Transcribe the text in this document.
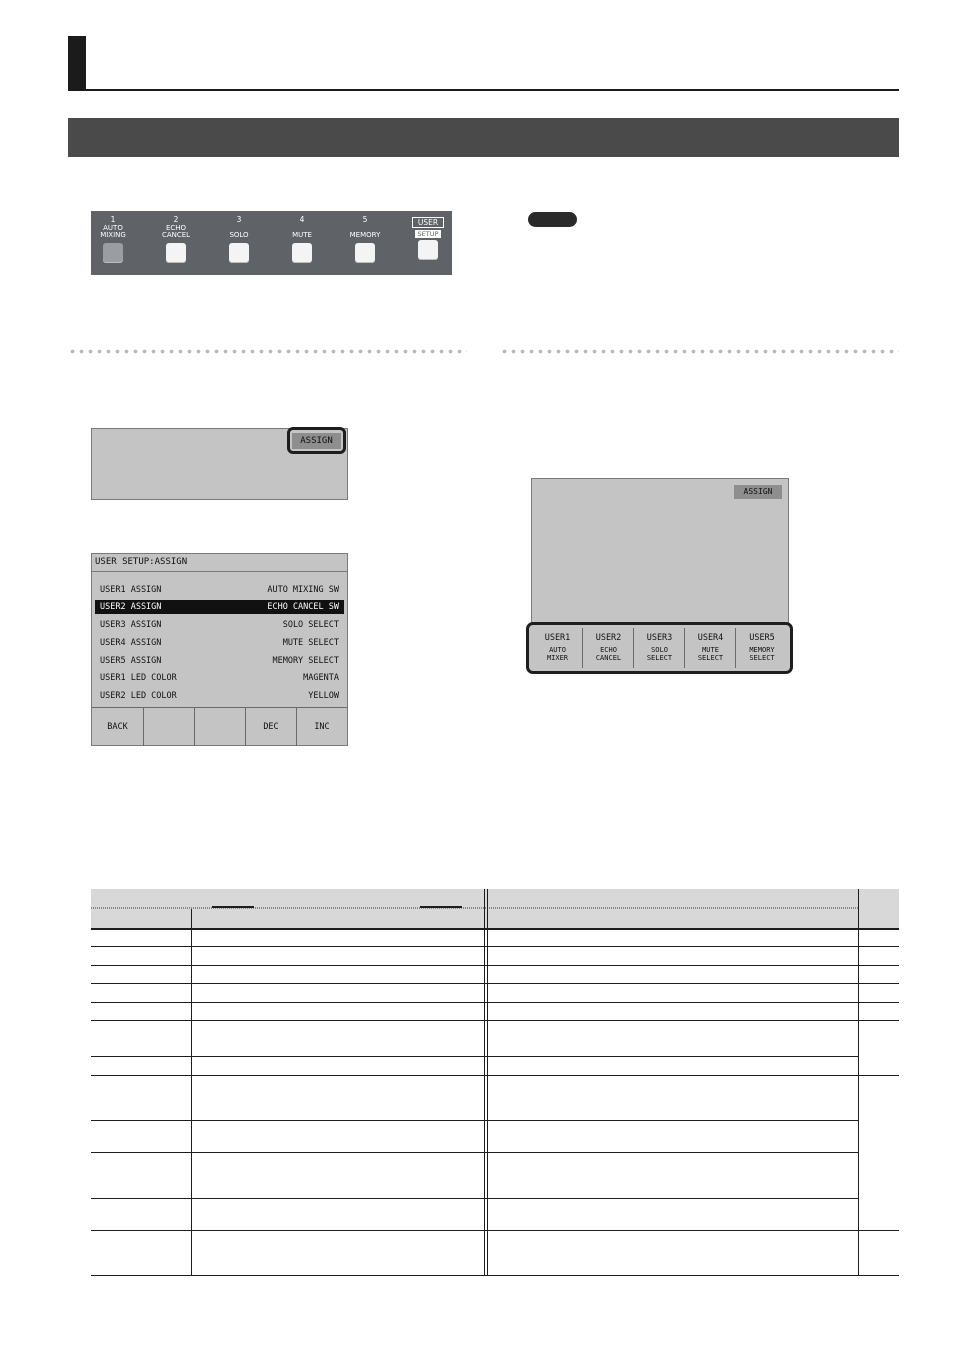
1
AUTO
MIXING
2
ECHO
CANCEL
3
SOLO
4
MUTE
5
MEMORY
USER
SETUP
ASSIGN
USER SETUP:ASSIGN
USER1 ASSIGN	AUTO MIXING SW
USER2 ASSIGN	ECHO CANCEL SW
USER3 ASSIGN	SOLO SELECT
USER4 ASSIGN	MUTE SELECT
USER5 ASSIGN	MEMORY SELECT
USER1 LED COLOR	MAGENTA
USER2 LED COLOR	YELLOW
BACK	DEC	INC
ASSIGN
USER1
AUTO
MIXER
USER2
ECHO
CANCEL
USER3
SOLO
SELECT
USER4
MUTE
SELECT
USER5
MEMORY
SELECT
